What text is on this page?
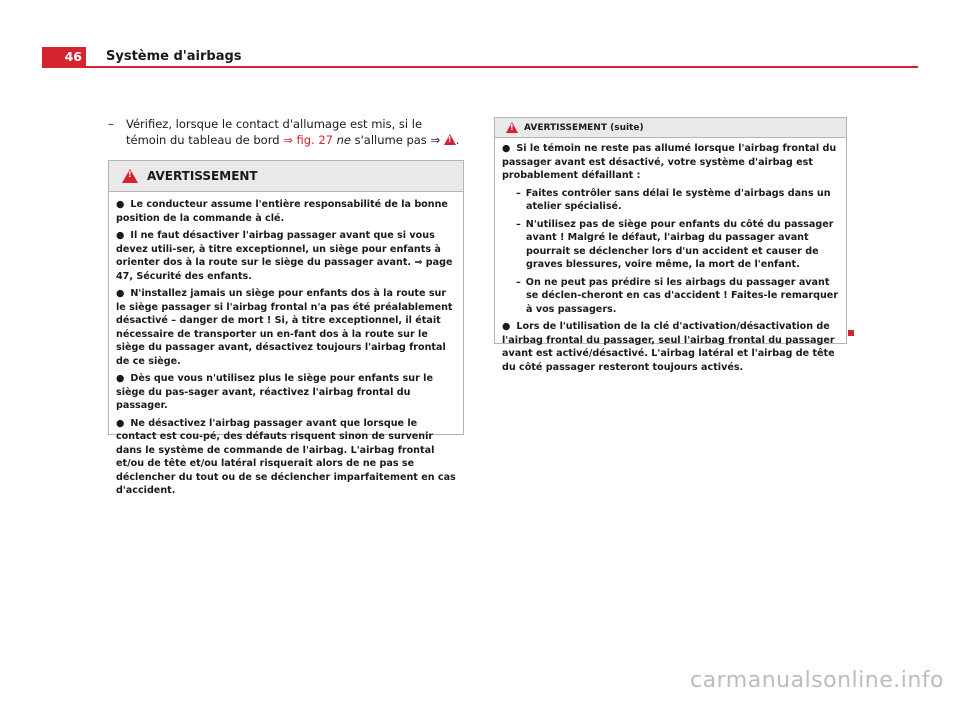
46	Système d'airbags
– Vérifiez, lorsque le contact d'allumage est mis, si le témoin du tableau de bord ⇒ fig. 27 ne s'allume pas ⇒ !.
!
AVERTISSEMENT

● Le conducteur assume l'entière responsabilité de la bonne position de la commande à clé.

● Il ne faut désactiver l'airbag passager avant que si vous devez utili-ser, à titre exceptionnel, un siège pour enfants à orienter dos à la route sur le siège du passager avant. ⇒ page 47, Sécurité des enfants.

● N'installez jamais un siège pour enfants dos à la route sur le siège passager si l'airbag frontal n'a pas été préalablement désactivé – danger de mort ! Si, à titre exceptionnel, il était nécessaire de transporter un en-fant dos à la route sur le siège du passager avant, désactivez toujours l'airbag frontal de ce siège.

● Dès que vous n'utilisez plus le siège pour enfants sur le siège du pas-sager avant, réactivez l'airbag frontal du passager.

● Ne désactivez l'airbag passager avant que lorsque le contact est cou-pé, des défauts risquent sinon de survenir dans le système de commande de l'airbag. L'airbag frontal et/ou de tête et/ou latéral risquerait alors de ne pas se déclencher du tout ou de se déclencher imparfaitement en cas d'accident.

!
AVERTISSEMENT (suite)

● Si le témoin ne reste pas allumé lorsque l'airbag frontal du passager avant est désactivé, votre système d'airbag est probablement défaillant :

– Faites contrôler sans délai le système d'airbags dans un atelier spécialisé.

– N'utilisez pas de siège pour enfants du côté du passager avant ! Malgré le défaut, l'airbag du passager avant pourrait se déclencher lors d'un accident et causer de graves blessures, voire même, la mort de l'enfant.

– On ne peut pas prédire si les airbags du passager avant se déclen-cheront en cas d'accident ! Faites-le remarquer à vos passagers.

● Lors de l'utilisation de la clé d'activation/désactivation de l'airbag frontal du passager, seul l'airbag frontal du passager avant est activé/désactivé. L'airbag latéral et l'airbag de tête du côté passager resteront toujours activés.

carmanualsonline.info
